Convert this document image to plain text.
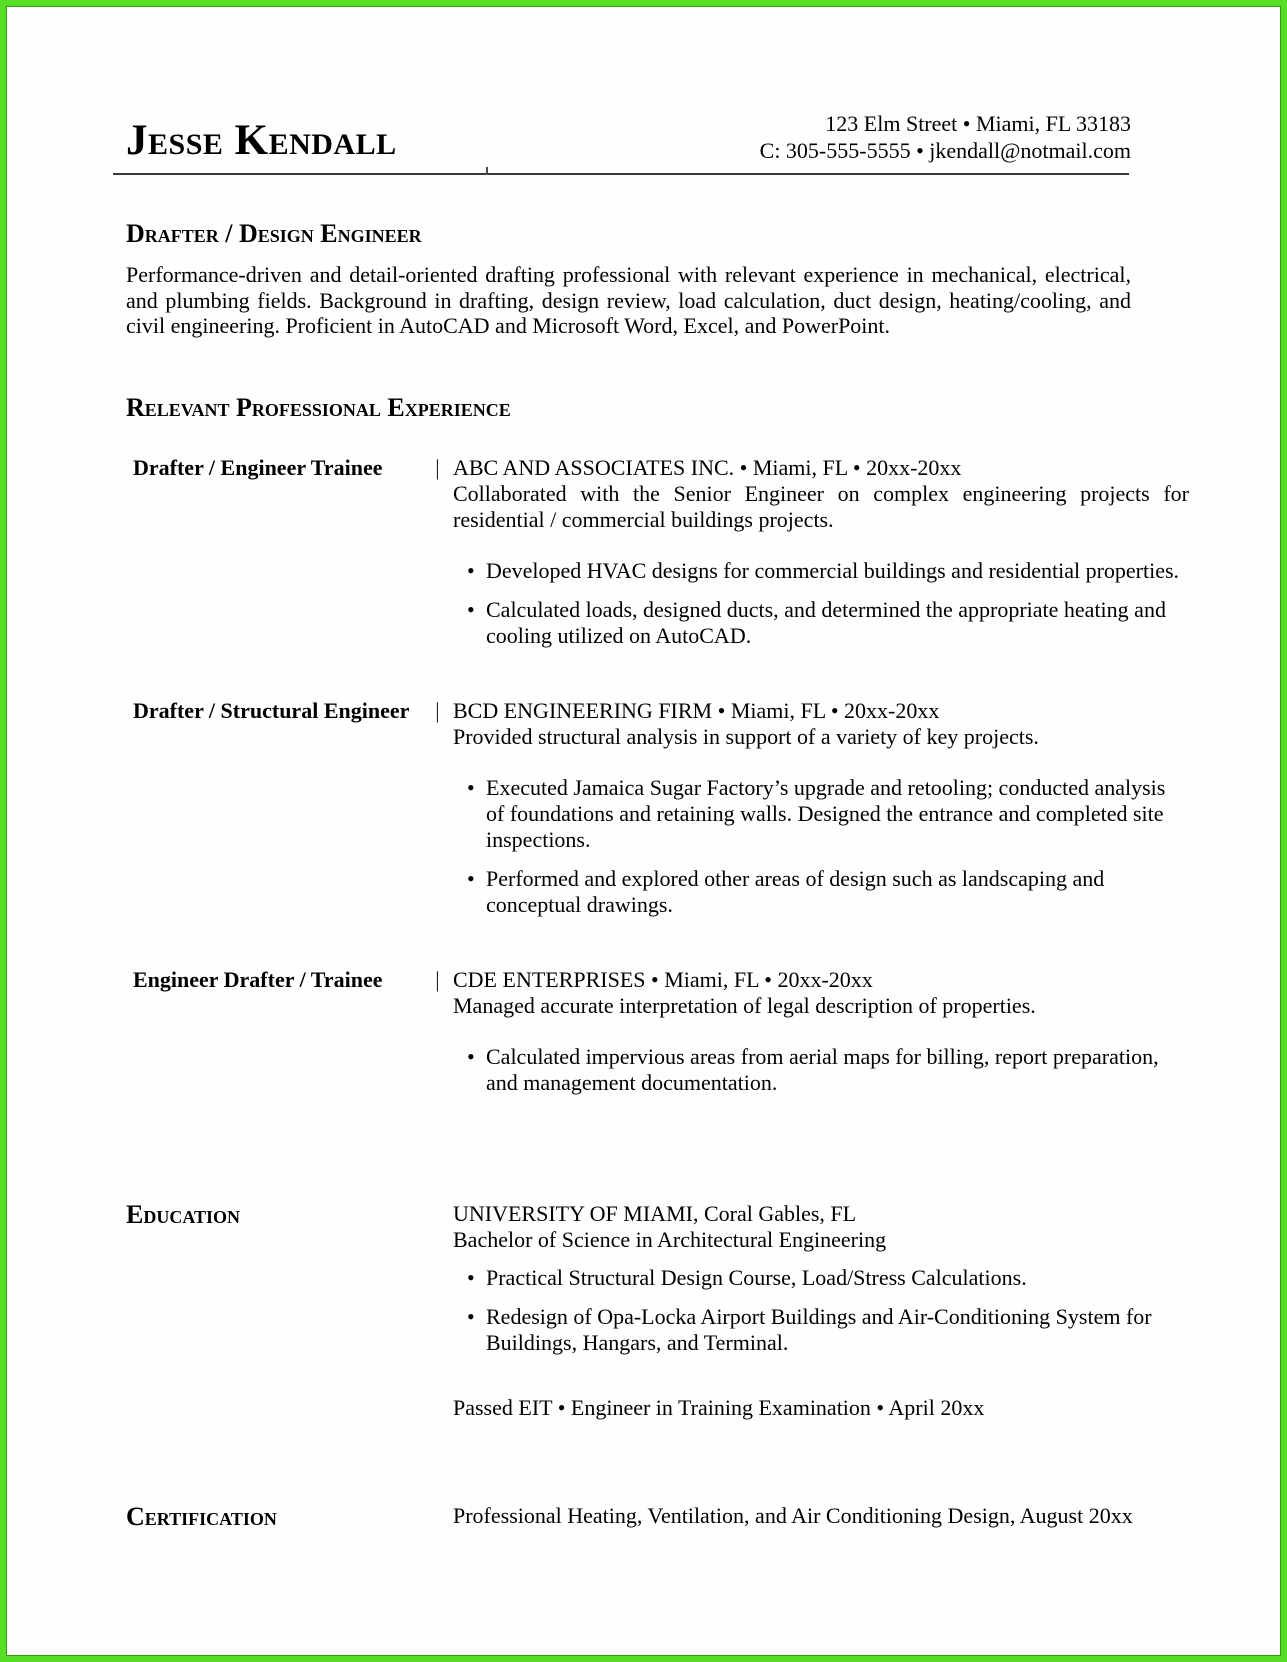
Jesse Kendall	123 Elm Street • Miami, FL 33183
C: 305-555-5555 • jkendall@notmail.com
Drafter / Design Engineer

Performance-driven and detail-oriented drafting professional with relevant experience in mechanical, electrical, and plumbing fields. Background in drafting, design review, load calculation, duct design, heating/cooling, and civil engineering. Proficient in AutoCAD and Microsoft Word, Excel, and PowerPoint.

Relevant Professional Experience
Drafter / Engineer Trainee	| ABC AND ASSOCIATES INC. • Miami, FL • 20xx-20xx
Collaborated with the Senior Engineer on complex engineering projects for residential / commercial buildings projects.
• Developed HVAC designs for commercial buildings and residential properties.
• Calculated loads, designed ducts, and determined the appropriate heating and cooling utilized on AutoCAD.
Drafter / Structural Engineer	| BCD ENGINEERING FIRM • Miami, FL • 20xx-20xx
Provided structural analysis in support of a variety of key projects.
• Executed Jamaica Sugar Factory’s upgrade and retooling; conducted analysis of foundations and retaining walls. Designed the entrance and completed site inspections.
• Performed and explored other areas of design such as landscaping and conceptual drawings.
Engineer Drafter / Trainee	| CDE ENTERPRISES • Miami, FL • 20xx-20xx
Managed accurate interpretation of legal description of properties.
• Calculated impervious areas from aerial maps for billing, report preparation, and management documentation.
Education	UNIVERSITY OF MIAMI, Coral Gables, FL
Bachelor of Science in Architectural Engineering
• Practical Structural Design Course, Load/Stress Calculations.
• Redesign of Opa-Locka Airport Buildings and Air-Conditioning System for Buildings, Hangars, and Terminal.
Passed EIT • Engineer in Training Examination • April 20xx
Certification	Professional Heating, Ventilation, and Air Conditioning Design, August 20xx
